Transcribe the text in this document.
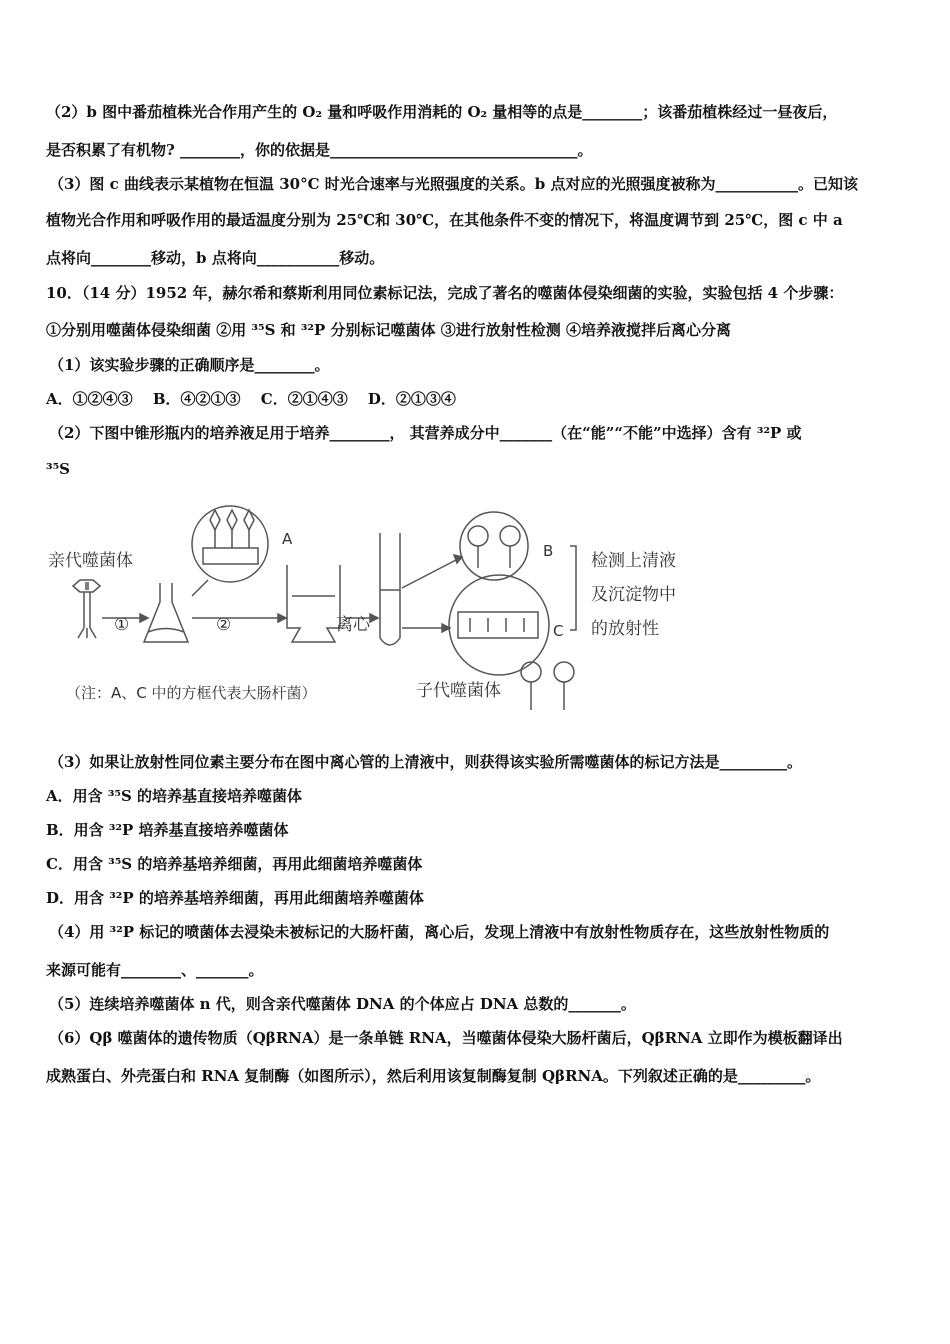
（2）b 图中番茄植株光合作用产生的 O₂ 量和呼吸作用消耗的 O₂ 量相等的点是________；该番茄植株经过一昼夜后，
是否积累了有机物? ________，你的依据是_________________________________。
（3）图 c 曲线表示某植物在恒温 30°C 时光合速率与光照强度的关系。b 点对应的光照强度被称为___________。已知该
植物光合作用和呼吸作用的最适温度分别为 25℃和 30℃，在其他条件不变的情况下，将温度调节到 25℃，图 c 中 a
点将向________移动，b 点将向___________移动。
10．（14 分）1952 年，赫尔希和蔡斯利用同位素标记法，完成了著名的噬菌体侵染细菌的实验，实验包括 4 个步骤：
①分别用噬菌体侵染细菌 ②用 ³⁵S 和 ³²P 分别标记噬菌体 ③进行放射性检测 ④培养液搅拌后离心分离
（1）该实验步骤的正确顺序是________。
A．①②④③　 B．④②①③　 C．②①④③　 D．②①③④
（2）下图中锥形瓶内的培养液足用于培养________， 其营养成分中_______（在“能”“不能”中选择）含有 ³²P 或
³⁵S
亲代噬菌体
①	②
A
B
C
离心
检测上清液
及沉淀物中
的放射性
子代噬菌体
（注：A、C 中的方框代表大肠杆菌）
（3）如果让放射性同位素主要分布在图中离心管的上清液中，则获得该实验所需噬菌体的标记方法是_________。
A．用含 ³⁵S 的培养基直接培养噬菌体
B．用含 ³²P 培养基直接培养噬菌体
C．用含 ³⁵S 的培养基培养细菌，再用此细菌培养噬菌体
D．用含 ³²P 的培养基培养细菌，再用此细菌培养噬菌体
（4）用 ³²P 标记的喷菌体去浸染未被标记的大肠杆菌，离心后，发现上清液中有放射性物质存在，这些放射性物质的
来源可能有________、_______。
（5）连续培养噬菌体 n 代，则含亲代噬菌体 DNA 的个体应占 DNA 总数的_______。
（6）Qβ 噬菌体的遗传物质（QβRNA）是一条单链 RNA，当噬菌体侵染大肠杆菌后，QβRNA 立即作为模板翻译出
成熟蛋白、外壳蛋白和 RNA 复制酶（如图所示），然后利用该复制酶复制 QβRNA。下列叙述正确的是_________。
